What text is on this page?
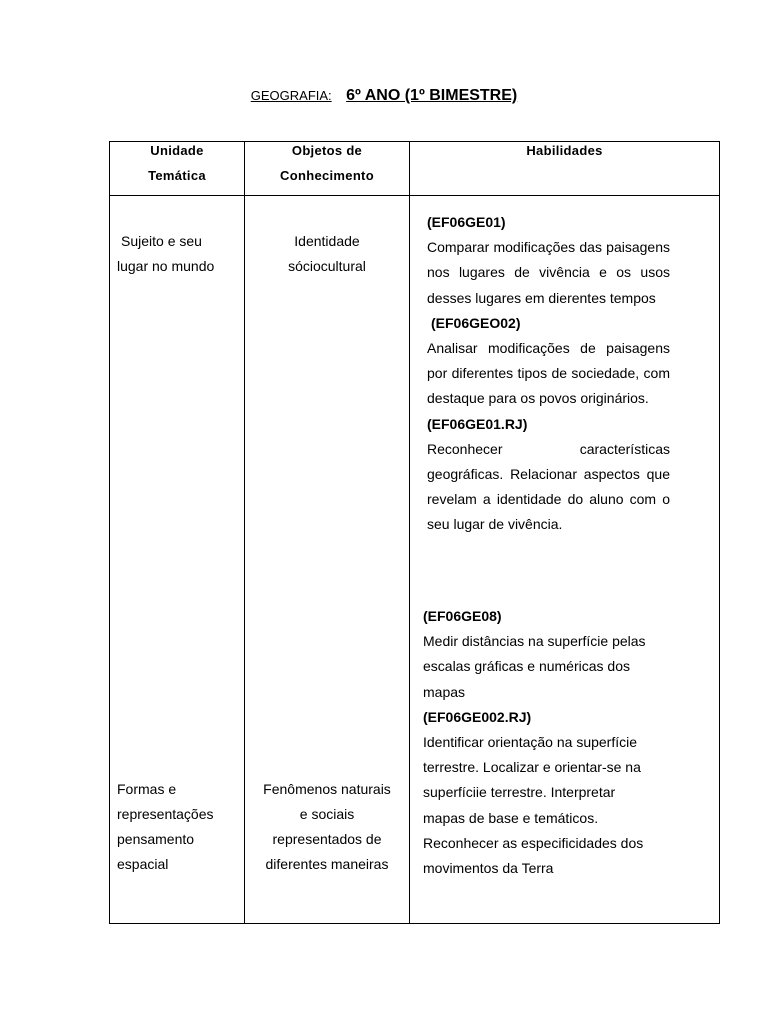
GEOGRAFIA: 6º ANO (1º BIMESTRE)
Unidade
Temática
Objetos de
Conhecimento
Habilidades
Sujeito e seu
lugar no mundo
Identidade
sóciocultural
(EF06GE01)
Comparar modificações das paisagens nos lugares de vivência e os usos desses lugares em dierentes tempos
(EF06GEO02)
Analisar modificações de paisagens por diferentes tipos de sociedade, com destaque para os povos originários.
(EF06GE01.RJ)
Reconhecer características geográficas. Relacionar aspectos que revelam a identidade do aluno com o seu lugar de vivência.
Formas e
representações
pensamento
espacial
Fenômenos naturais
e sociais
representados de
diferentes maneiras
(EF06GE08)
Medir distâncias na superfície pelas
escalas gráficas e numéricas dos
mapas
(EF06GE002.RJ)
Identificar orientação na superfície
terrestre. Localizar e orientar-se na
superfíciie terrestre. Interpretar
mapas de base e temáticos.
Reconhecer as especificidades dos
movimentos da Terra
